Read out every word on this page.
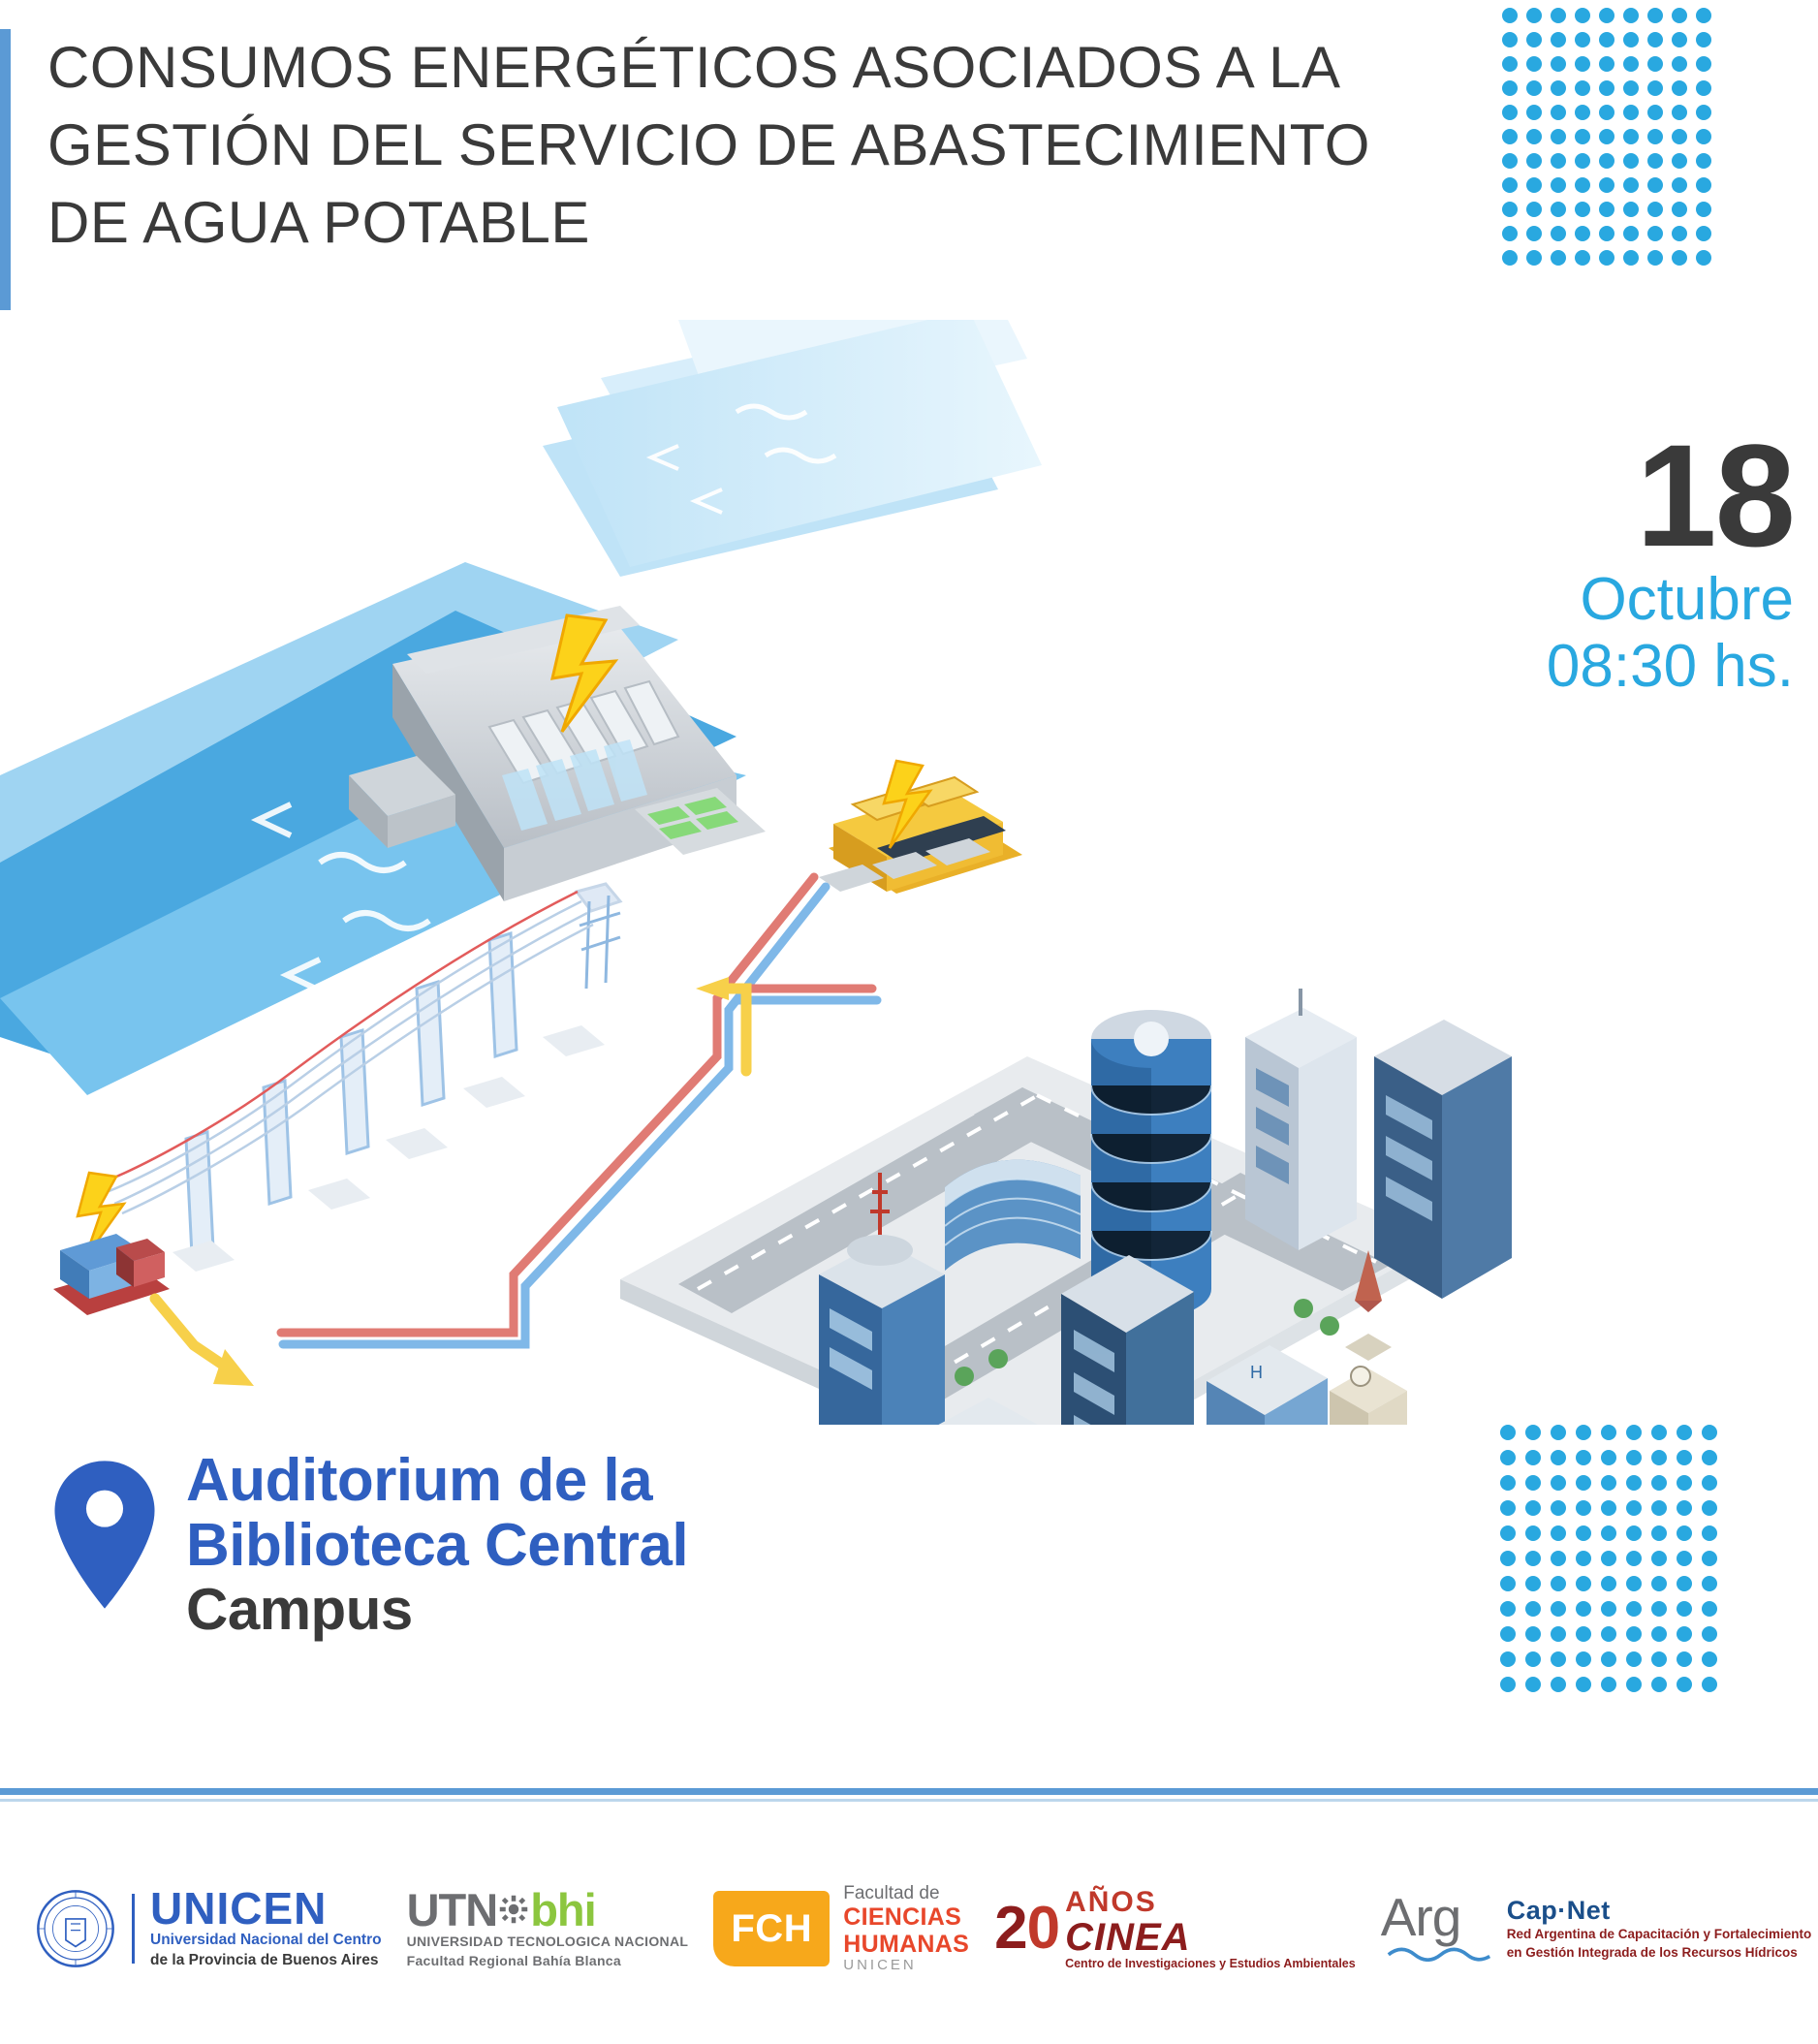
CONSUMOS ENERGÉTICOS ASOCIADOS A LA
GESTIÓN DEL SERVICIO DE ABASTECIMIENTO
DE AGUA POTABLE
18
Octubre
08:30 hs.
H
Auditorium de la
Biblioteca Central
Campus
UNICEN
Universidad Nacional del Centro
de la Provincia de Buenos Aires
UTN bhi
UNIVERSIDAD TECNOLOGICA NACIONAL
Facultad Regional Bahía Blanca
FCH
Facultad de
CIENCIAS
HUMANAS
UNICEN
20 AÑOS
CINEA
Centro de Investigaciones y Estudios Ambientales
Arg	Cap·Net
Red Argentina de Capacitación y Fortalecimiento
en Gestión Integrada de los Recursos Hídricos
